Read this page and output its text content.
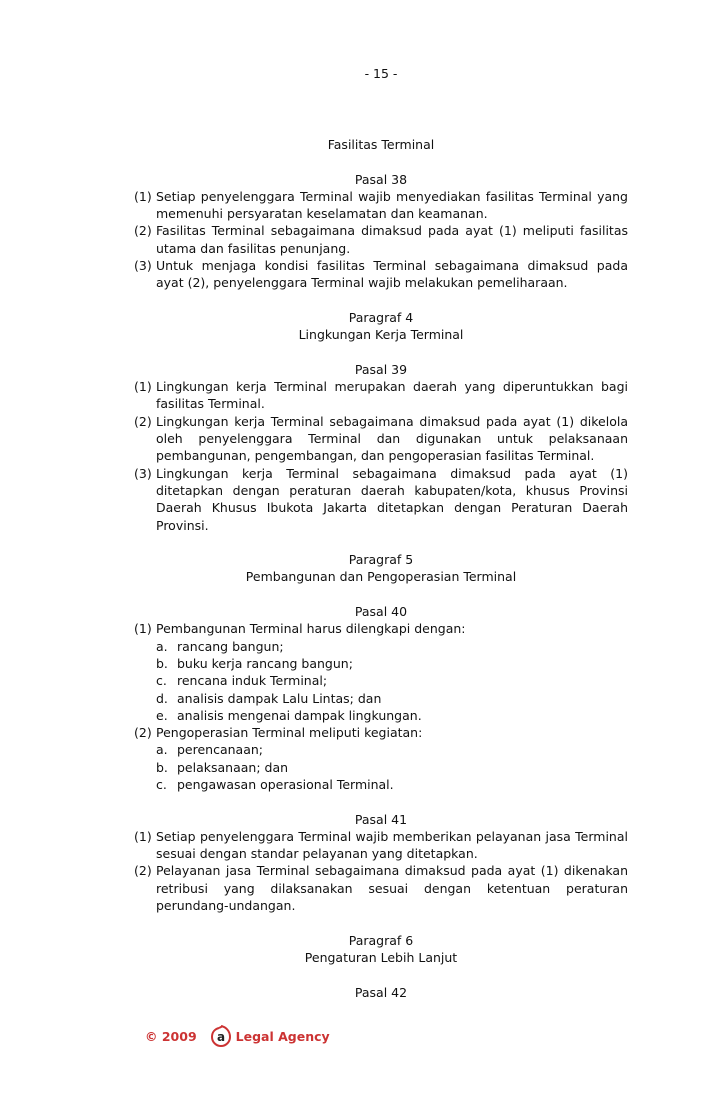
- 15 -

Fasilitas Terminal

Pasal 38

(1) Setiap penyelenggara Terminal wajib menyediakan fasilitas Terminal yang memenuhi persyaratan keselamatan dan keamanan.
(2) Fasilitas Terminal sebagaimana dimaksud pada ayat (1) meliputi fasilitas utama dan fasilitas penunjang.
(3) Untuk menjaga kondisi fasilitas Terminal sebagaimana dimaksud pada ayat (2), penyelenggara Terminal wajib melakukan pemeliharaan.

Paragraf 4

Lingkungan Kerja Terminal

Pasal 39

(1) Lingkungan kerja Terminal merupakan daerah yang diperuntukkan bagi fasilitas Terminal.
(2) Lingkungan kerja Terminal sebagaimana dimaksud pada ayat (1) dikelola oleh penyelenggara Terminal dan digunakan untuk pelaksanaan pembangunan, pengembangan, dan pengoperasian fasilitas Terminal.
(3) Lingkungan kerja Terminal sebagaimana dimaksud pada ayat (1) ditetapkan dengan peraturan daerah kabupaten/kota, khusus Provinsi Daerah Khusus Ibukota Jakarta ditetapkan dengan Peraturan Daerah Provinsi.

Paragraf 5

Pembangunan dan Pengoperasian Terminal

Pasal 40

(1) Pembangunan Terminal harus dilengkapi dengan:
a. rancang bangun;
b. buku kerja rancang bangun;
c. rencana induk Terminal;
d. analisis dampak Lalu Lintas; dan
e. analisis mengenai dampak lingkungan.
(2) Pengoperasian Terminal meliputi kegiatan:
a. perencanaan;
b. pelaksanaan; dan
c. pengawasan operasional Terminal.

Pasal 41

(1) Setiap penyelenggara Terminal wajib memberikan pelayanan jasa Terminal sesuai dengan standar pelayanan yang ditetapkan.
(2) Pelayanan jasa Terminal sebagaimana dimaksud pada ayat (1) dikenakan retribusi yang dilaksanakan sesuai dengan ketentuan peraturan perundang-undangan.

Paragraf 6

Pengaturan Lebih Lanjut

Pasal 42

© 2009 a Legal Agency
